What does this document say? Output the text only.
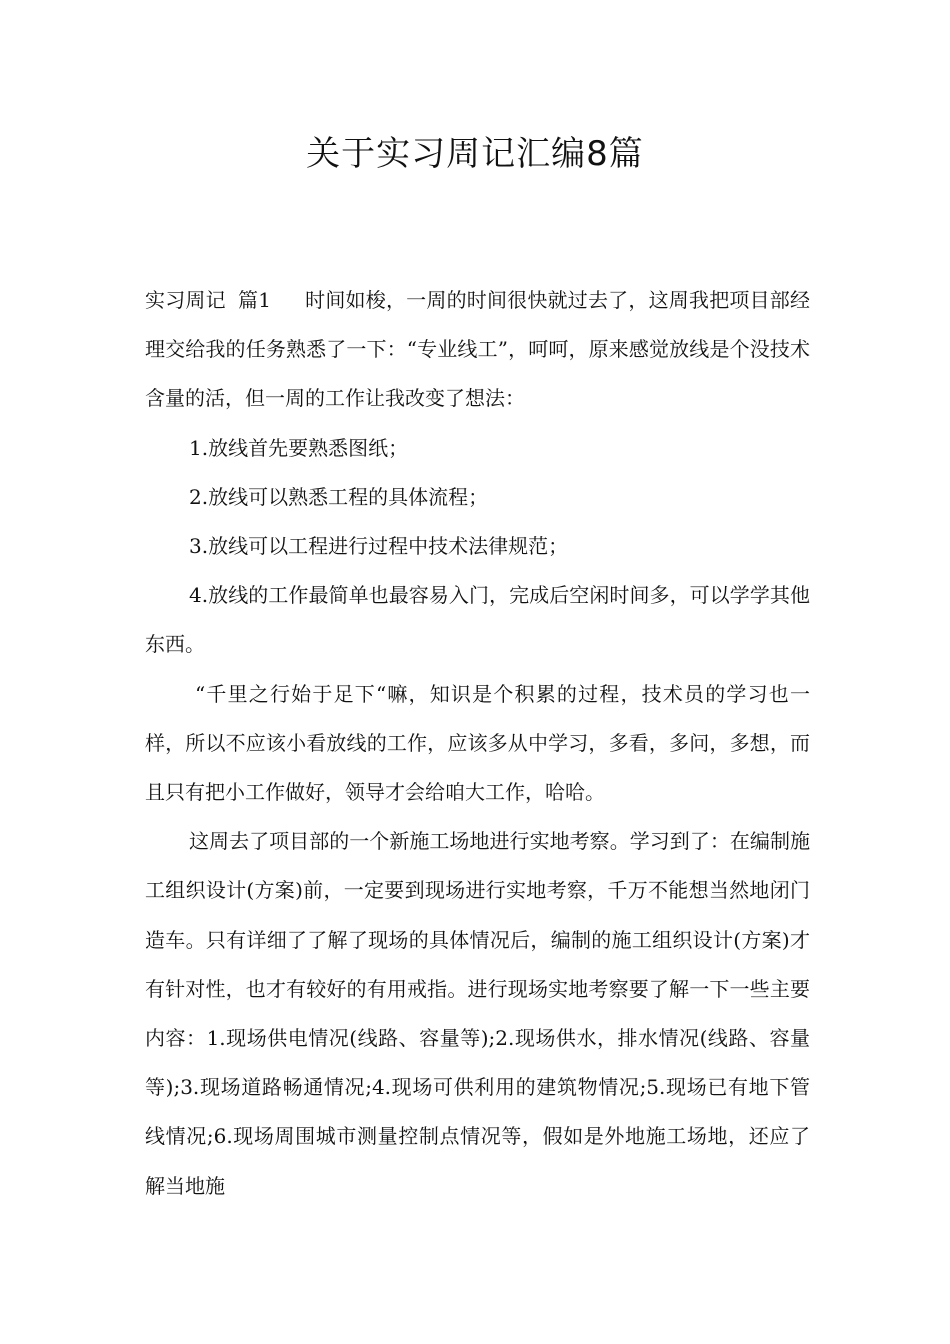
关于实习周记汇编8篇

实习周记 篇1 时间如梭，一周的时间很快就过去了，这周我把项目部经理交给我的任务熟悉了一下：“专业线工”，呵呵，原来感觉放线是个没技术含量的活，但一周的工作让我改变了想法：

1.放线首先要熟悉图纸；

2.放线可以熟悉工程的具体流程；

3.放线可以工程进行过程中技术法律规范；

4.放线的工作最简单也最容易入门，完成后空闲时间多，可以学学其他东西。

“千里之行始于足下“嘛，知识是个积累的过程，技术员的学习也一样，所以不应该小看放线的工作，应该多从中学习，多看，多问，多想，而且只有把小工作做好，领导才会给咱大工作，哈哈。

这周去了项目部的一个新施工场地进行实地考察。学习到了：在编制施工组织设计(方案)前，一定要到现场进行实地考察，千万不能想当然地闭门造车。只有详细了了解了现场的具体情况后，编制的施工组织设计(方案)才有针对性，也才有较好的有用戒指。进行现场实地考察要了解一下一些主要内容：1.现场供电情况(线路、容量等);2.现场供水，排水情况(线路、容量等);3.现场道路畅通情况;4.现场可供利用的建筑物情况;5.现场已有地下管线情况;6.现场周围城市测量控制点情况等，假如是外地施工场地，还应了解当地施
